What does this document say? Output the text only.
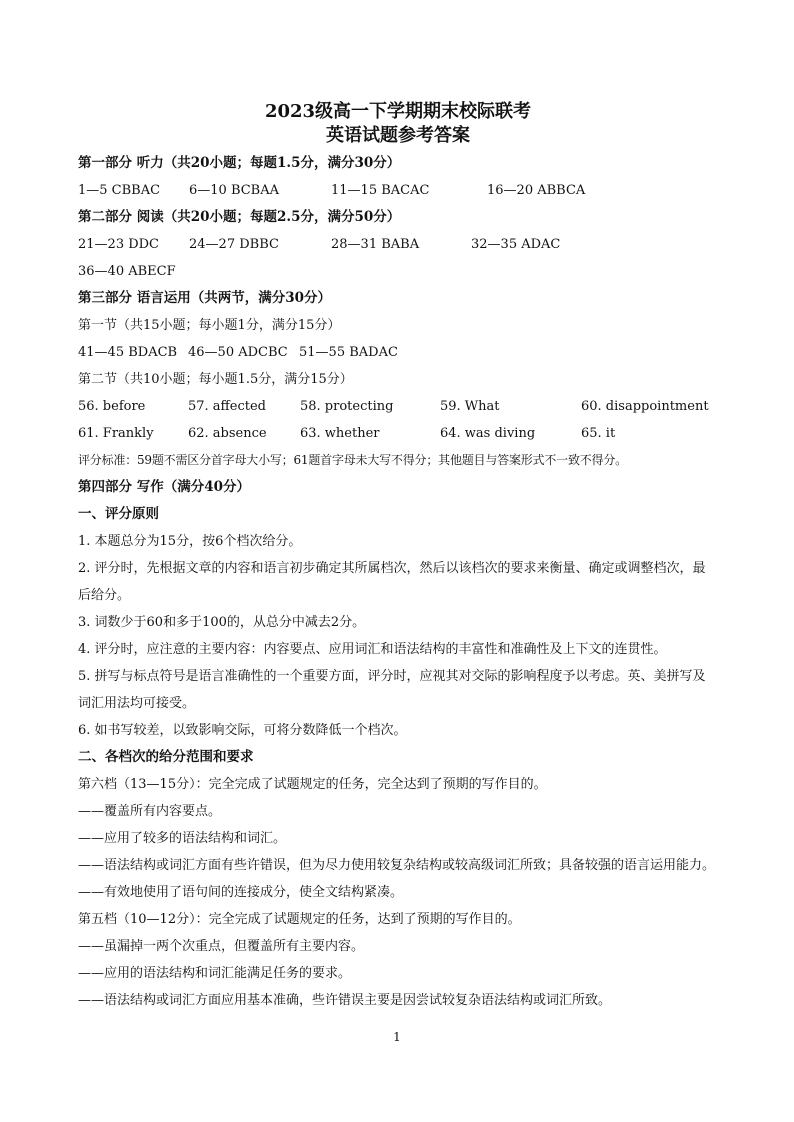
2023级高一下学期期末校际联考

英语试题参考答案

第一部分 听力（共20小题；每题1.5分，满分30分）

1—5 CBBAC	6—10 BCBAA	11—15 BACAC	16—20 ABBCA

第二部分 阅读（共20小题；每题2.5分，满分50分）

21—23 DDC	24—27 DBBC	28—31 BABA	32—35 ADAC

36—40 ABECF

第三部分 语言运用（共两节，满分30分）

第一节（共15小题；每小题1分，满分15分）

41—45 BDACB 46—50 ADCBC 51—55 BADAC

第二节（共10小题；每小题1.5分，满分15分）

56. before	57. affected	58. protecting	59. What	60. disappointment
61. Frankly	62. absence	63. whether	64. was diving	65. it

评分标准：59题不需区分首字母大小写；61题首字母未大写不得分；其他题目与答案形式不一致不得分。

第四部分 写作（满分40分）

一、评分原则

1. 本题总分为15分，按6个档次给分。

2. 评分时，先根据文章的内容和语言初步确定其所属档次，然后以该档次的要求来衡量、确定或调整档次，最后给分。

3. 词数少于60和多于100的，从总分中减去2分。

4. 评分时，应注意的主要内容：内容要点、应用词汇和语法结构的丰富性和准确性及上下文的连贯性。

5. 拼写与标点符号是语言准确性的一个重要方面，评分时，应视其对交际的影响程度予以考虑。英、美拼写及词汇用法均可接受。

6. 如书写较差，以致影响交际，可将分数降低一个档次。

二、各档次的给分范围和要求

第六档（13—15分）：完全完成了试题规定的任务，完全达到了预期的写作目的。

——覆盖所有内容要点。

——应用了较多的语法结构和词汇。

——语法结构或词汇方面有些许错误，但为尽力使用较复杂结构或较高级词汇所致；具备较强的语言运用能力。

——有效地使用了语句间的连接成分，使全文结构紧凑。

第五档（10—12分）：完全完成了试题规定的任务，达到了预期的写作目的。

——虽漏掉一两个次重点，但覆盖所有主要内容。

——应用的语法结构和词汇能满足任务的要求。

——语法结构或词汇方面应用基本准确，些许错误主要是因尝试较复杂语法结构或词汇所致。

1
